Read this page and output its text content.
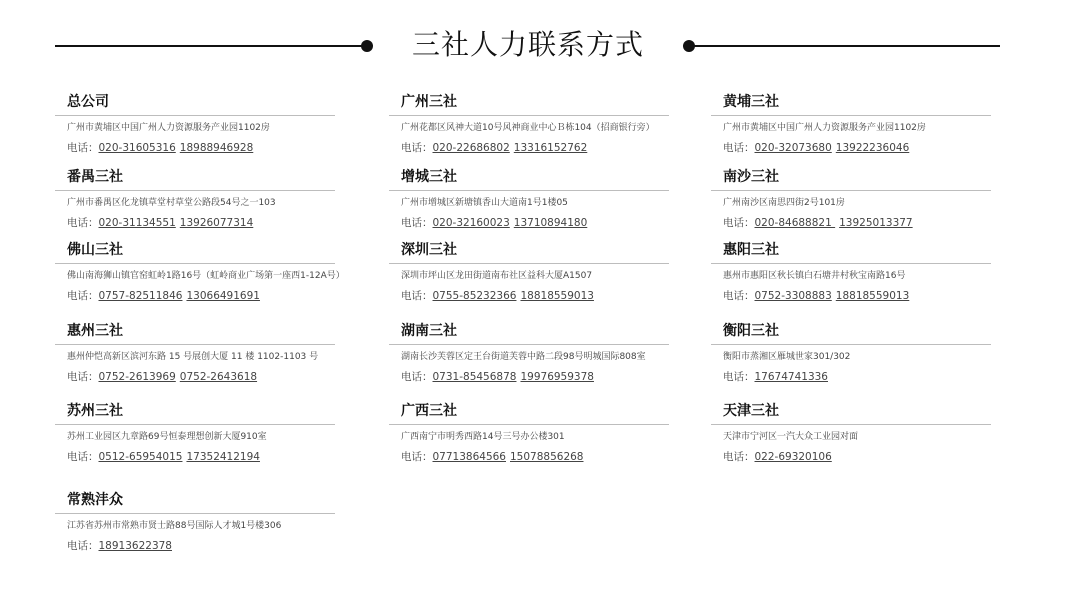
三社人力联系方式
总公司
广州市黄埔区中国广州人力资源服务产业园1102房
电话：020-31605316 18988946928
广州三社
广州花都区风神大道10号风神商业中心Ｂ栋104（招商银行旁）
电话：020-22686802 13316152762
黄埔三社
广州市黄埔区中国广州人力资源服务产业园1102房
电话：020-32073680 13922236046
番禺三社
广州市番禺区化龙镇草堂村草堂公路段54号之一103
电话：020-31134551 13926077314
增城三社
广州市增城区新塘镇香山大道南1号1楼05
电话：020-32160023 13710894180
南沙三社
广州南沙区南思四街2号101房
电话：020-84688821 13925013377
佛山三社
佛山南海狮山镇官窑虹岭1路16号（虹岭商业广场第一座西1-12A号）
电话：0757-82511846 13066491691
深圳三社
深圳市坪山区龙田街道南布社区益科大厦A1507
电话：0755-85232366 18818559013
惠阳三社
惠州市惠阳区秋长镇白石塘井村秋宝南路16号
电话：0752-3308883 18818559013
惠州三社
惠州仲恺高新区滨河东路 15 号展创大厦 11 楼 1102-1103 号
电话：0752-2613969 0752-2643618
湖南三社
湖南长沙芙蓉区定王台街道芙蓉中路二段98号明城国际808室
电话：0731-85456878 19976959378
衡阳三社
衡阳市蒸湘区雁城世家301/302
电话：17674741336
苏州三社
苏州工业园区九章路69号恒泰理想创新大厦910室
电话：0512-65954015 17352412194
广西三社
广西南宁市明秀西路14号三号办公楼301
电话：07713864566 15078856268
天津三社
天津市宁河区一汽大众工业园对面
电话：022-69320106
常熟沣众
江苏省苏州市常熟市贤士路88号国际人才城1号楼306
电话：18913622378
